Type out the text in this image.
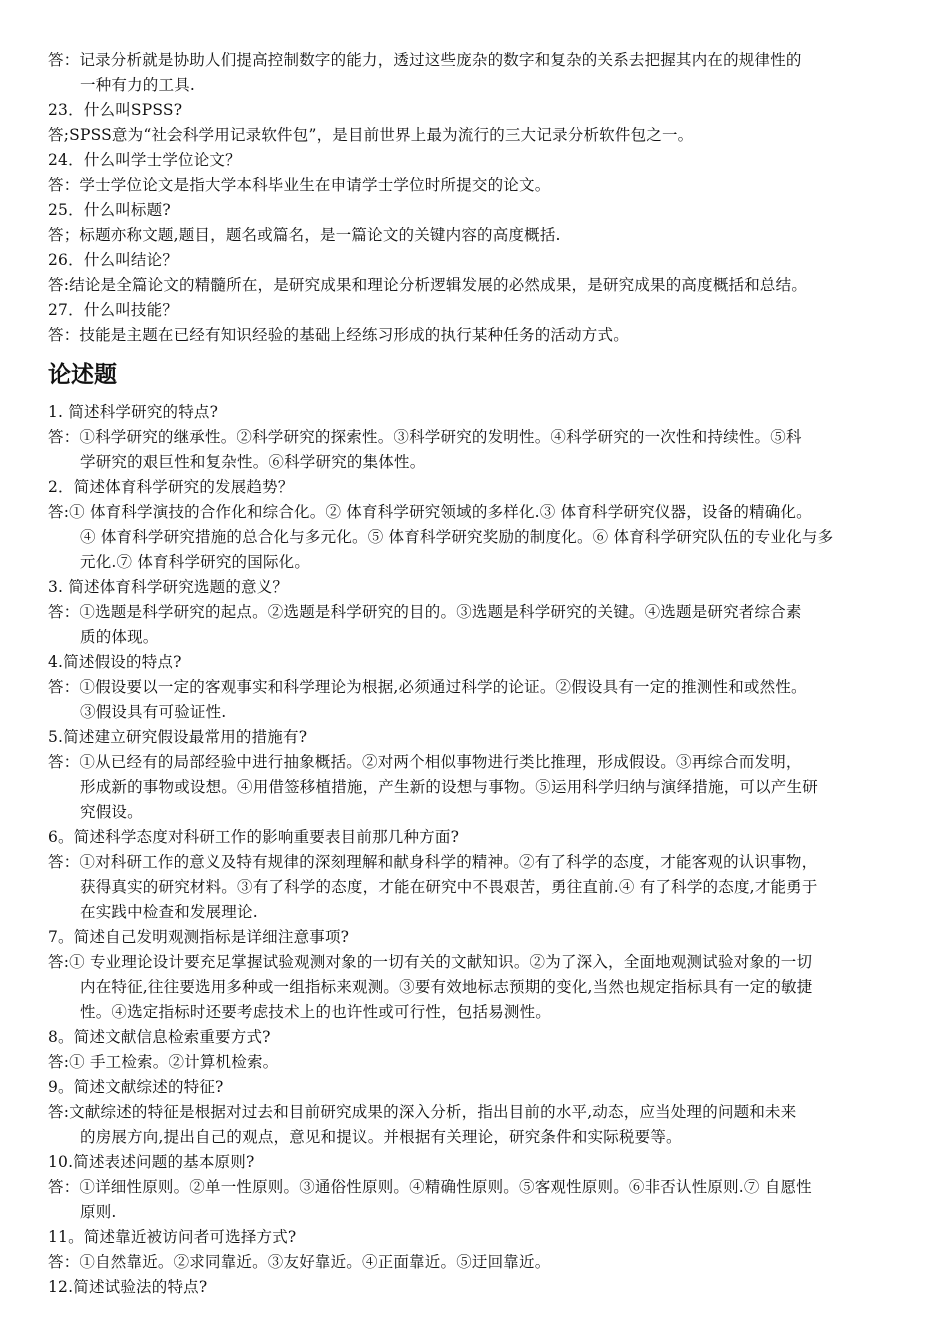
答：记录分析就是协助人们提高控制数字的能力，透过这些庞杂的数字和复杂的关系去把握其内在的规律性的
一种有力的工具.
23．什么叫SPSS?
答;SPSS意为“社会科学用记录软件包”，是目前世界上最为流行的三大记录分析软件包之一。
24．什么叫学士学位论文？
答：学士学位论文是指大学本科毕业生在申请学士学位时所提交的论文。
25．什么叫标题?
答；标题亦称文题,题目，题名或篇名，是一篇论文的关键内容的高度概括.
26．什么叫结论？
答:结论是全篇论文的精髓所在，是研究成果和理论分析逻辑发展的必然成果，是研究成果的高度概括和总结。
27．什么叫技能？
答：技能是主题在已经有知识经验的基础上经练习形成的执行某种任务的活动方式。
论述题
1. 简述科学研究的特点?
答：①科学研究的继承性。②科学研究的探索性。③科学研究的发明性。④科学研究的一次性和持续性。⑤科
学研究的艰巨性和复杂性。⑥科学研究的集体性。
2．简述体育科学研究的发展趋势？
答:① 体育科学演技的合作化和综合化。② 体育科学研究领域的多样化.③ 体育科学研究仪器，设备的精确化。
④ 体育科学研究措施的总合化与多元化。⑤ 体育科学研究奖励的制度化。⑥ 体育科学研究队伍的专业化与多
元化.⑦ 体育科学研究的国际化。
3. 简述体育科学研究选题的意义？
答：①选题是科学研究的起点。②选题是科学研究的目的。③选题是科学研究的关键。④选题是研究者综合素
质的体现。
4.简述假设的特点?
答：①假设要以一定的客观事实和科学理论为根据,必须通过科学的论证。②假设具有一定的推测性和或然性。
③假设具有可验证性.
5.简述建立研究假设最常用的措施有?
答：①从已经有的局部经验中进行抽象概括。②对两个相似事物进行类比推理，形成假设。③再综合而发明，
形成新的事物或设想。④用借签移植措施，产生新的设想与事物。⑤运用科学归纳与演绎措施，可以产生研
究假设。
6。简述科学态度对科研工作的影响重要表目前那几种方面?
答：①对科研工作的意义及特有规律的深刻理解和献身科学的精神。②有了科学的态度，才能客观的认识事物，
获得真实的研究材料。③有了科学的态度，才能在研究中不畏艰苦，勇往直前.④ 有了科学的态度,才能勇于
在实践中检查和发展理论.
7。简述自己发明观测指标是详细注意事项?
答:① 专业理论设计要充足掌握试验观测对象的一切有关的文献知识。②为了深入，全面地观测试验对象的一切
内在特征,往往要选用多种或一组指标来观测。③要有效地标志预期的变化,当然也规定指标具有一定的敏捷
性。④选定指标时还要考虑技术上的也许性或可行性，包括易测性。
8。简述文献信息检索重要方式?
答:① 手工检索。②计算机检索。
9。简述文献综述的特征?
答:文献综述的特征是根据对过去和目前研究成果的深入分析，指出目前的水平,动态，应当处理的问题和未来
的房展方向,提出自己的观点，意见和提议。并根据有关理论，研究条件和实际税要等。
10.简述表述问题的基本原则?
答：①详细性原则。②单一性原则。③通俗性原则。④精确性原则。⑤客观性原则。⑥非否认性原则.⑦ 自愿性
原则.
11。简述靠近被访问者可选择方式?
答：①自然靠近。②求同靠近。③友好靠近。④正面靠近。⑤迂回靠近。
12.简述试验法的特点?
